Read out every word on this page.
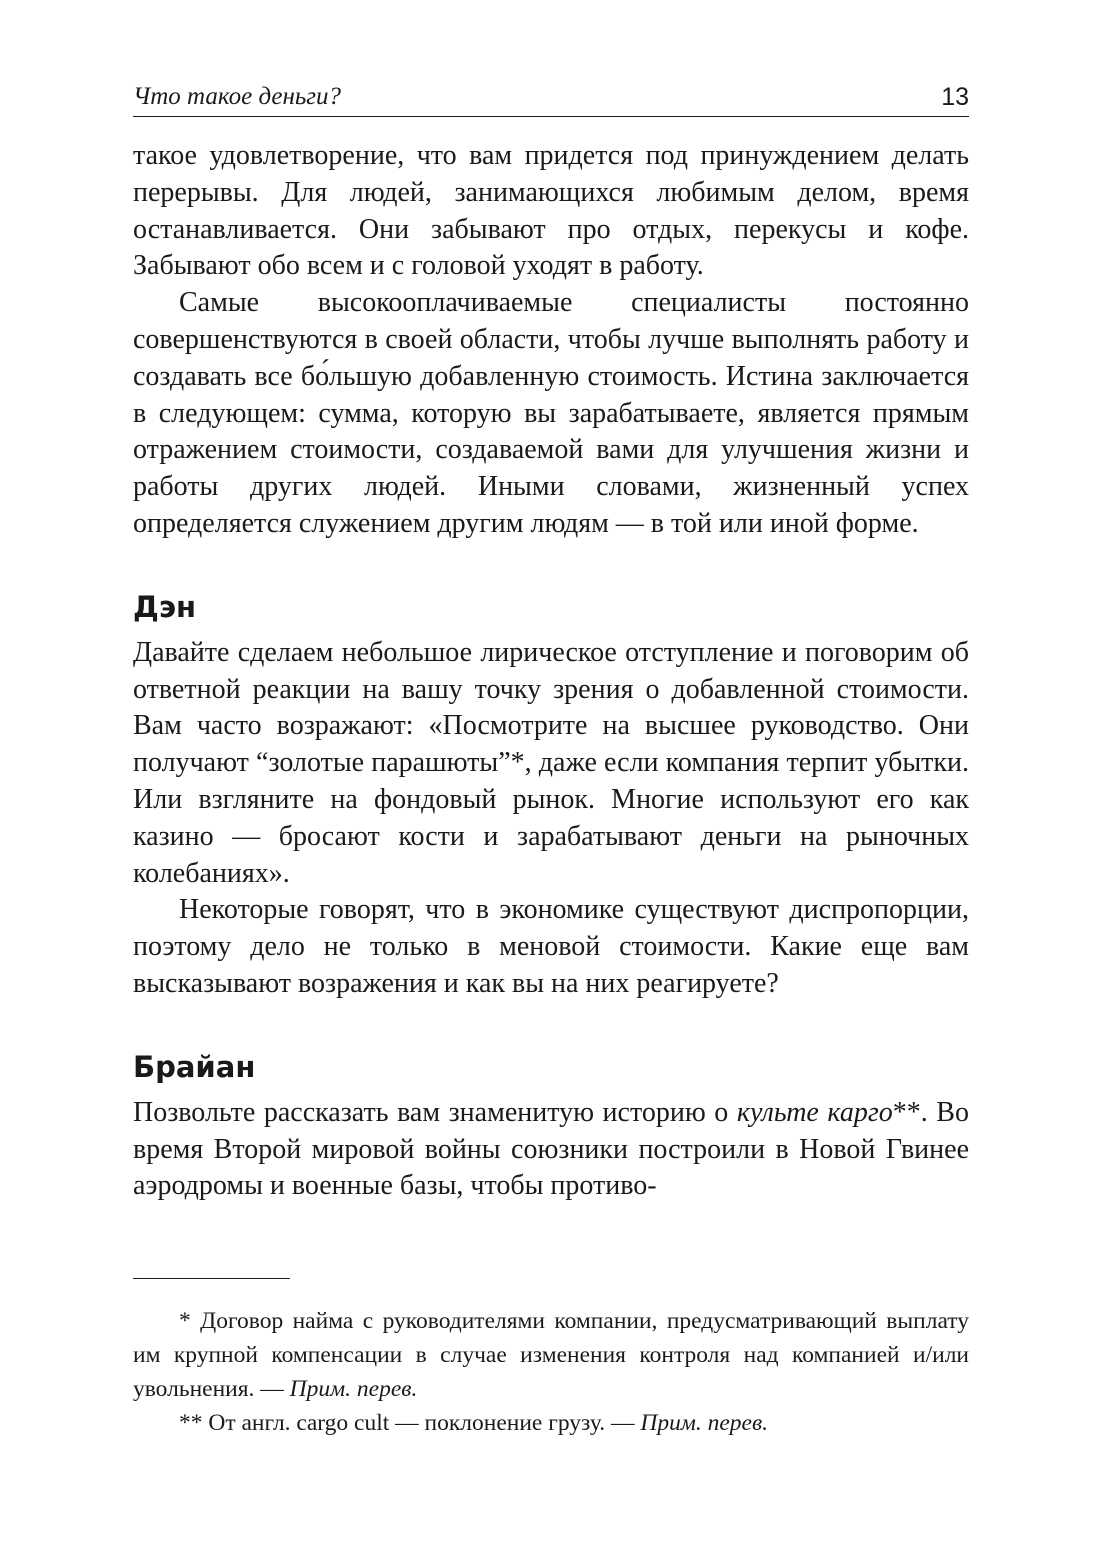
Что такое деньги?	13

такое удовлетворение, что вам придется под принуждением делать перерывы. Для людей, занимающихся любимым делом, время останавливается. Они забывают про отдых, перекусы и кофе. Забывают обо всем и с головой уходят в работу.

Самые высокооплачиваемые специалисты постоянно совершенствуются в своей области, чтобы лучше выполнять работу и создавать все бо́льшую добавленную стоимость. Истина заключается в следующем: сумма, которую вы зарабатываете, является прямым отражением стоимости, создаваемой вами для улучшения жизни и работы других людей. Иными словами, жизненный успех определяется служением другим людям — в той или иной форме.

Дэн

Давайте сделаем небольшое лирическое отступление и поговорим об ответной реакции на вашу точку зрения о добавленной стоимости. Вам часто возражают: «Посмотрите на высшее руководство. Они получают “золотые парашюты”*, даже если компания терпит убытки. Или взгляните на фондовый рынок. Многие используют его как казино — бросают кости и зарабатывают деньги на рыночных колебаниях».

Некоторые говорят, что в экономике существуют диспропорции, поэтому дело не только в меновой стоимости. Какие еще вам высказывают возражения и как вы на них реагируете?

Брайан

Позвольте рассказать вам знаменитую историю о культе карго**. Во время Второй мировой войны союзники построили в Новой Гвинее аэродромы и военные базы, чтобы противо-

* Договор найма с руководителями компании, предусматривающий выплату им крупной компенсации в случае изменения контроля над компанией и/или увольнения. — Прим. перев.

** От англ. cargo cult — поклонение грузу. — Прим. перев.
